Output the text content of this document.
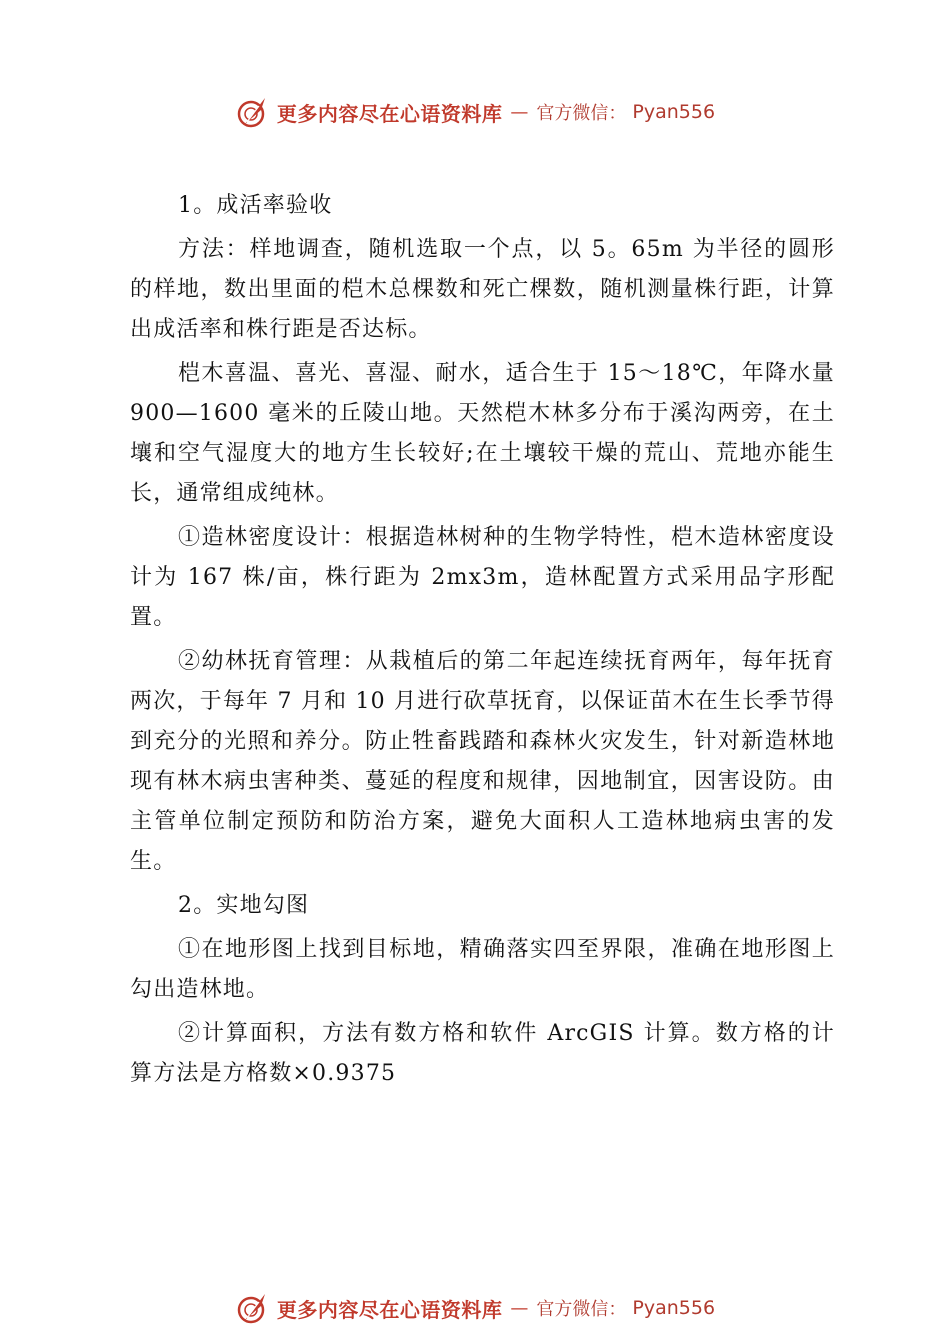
更多内容尽在心语资料库 — 官方微信： Pyan556

1。成活率验收

方法：样地调查，随机选取一个点，以 5。65m 为半径的圆形的样地，数出里面的桤木总棵数和死亡棵数，随机测量株行距，计算出成活率和株行距是否达标。

桤木喜温、喜光、喜湿、耐水，适合生于 15～18℃，年降水量 900—1600 毫米的丘陵山地。天然桤木林多分布于溪沟两旁，在土壤和空气湿度大的地方生长较好;在土壤较干燥的荒山、荒地亦能生长，通常组成纯林。

①造林密度设计：根据造林树种的生物学特性，桤木造林密度设计为 167 株/亩，株行距为 2mx3m，造林配置方式采用品字形配置。

②幼林抚育管理：从栽植后的第二年起连续抚育两年，每年抚育两次，于每年 7 月和 10 月进行砍草抚育，以保证苗木在生长季节得到充分的光照和养分。防止牲畜践踏和森林火灾发生，针对新造林地现有林木病虫害种类、蔓延的程度和规律，因地制宜，因害设防。由主管单位制定预防和防治方案，避免大面积人工造林地病虫害的发生。

2。实地勾图

①在地形图上找到目标地，精确落实四至界限，准确在地形图上勾出造林地。

②计算面积，方法有数方格和软件 ArcGIS 计算。数方格的计算方法是方格数×0.9375

更多内容尽在心语资料库 — 官方微信： Pyan556
